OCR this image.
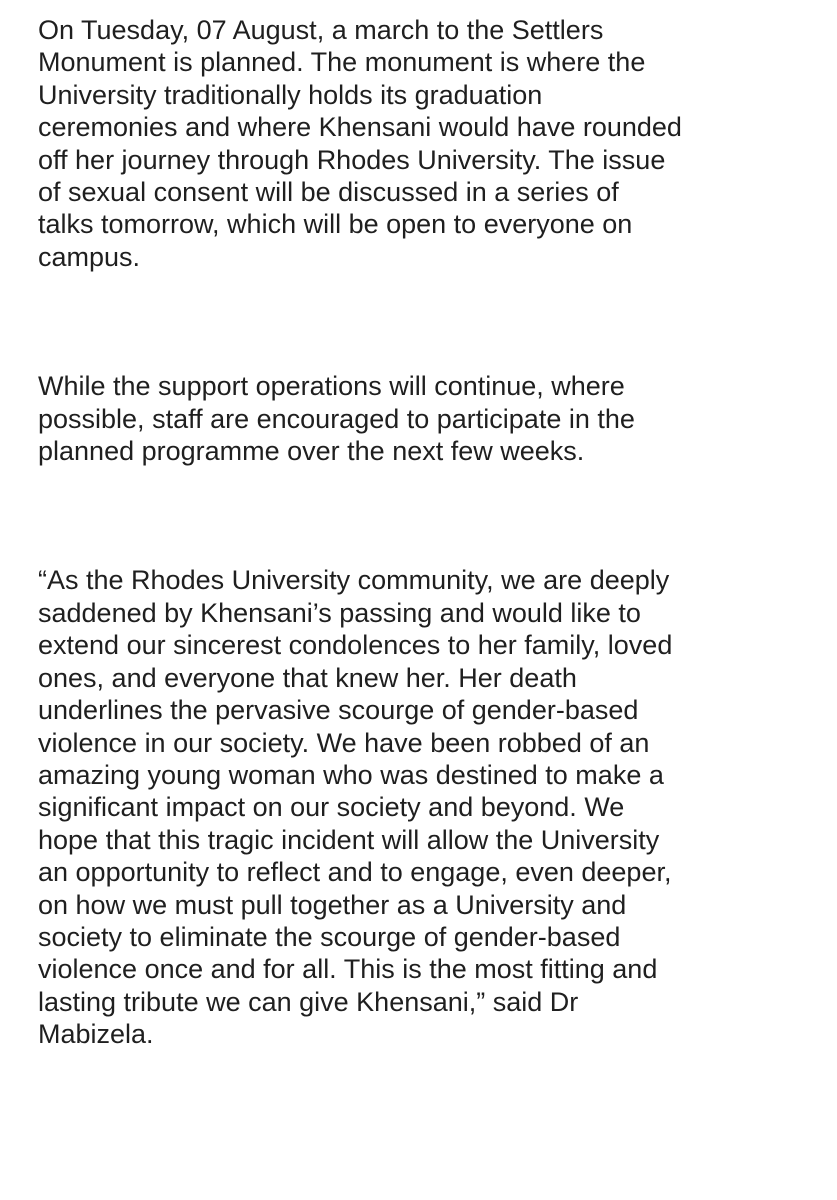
On Tuesday, 07 August, a march to the Settlers
Monument is planned. The monument is where the
University traditionally holds its graduation
ceremonies and where Khensani would have rounded
off her journey through Rhodes University. The issue
of sexual consent will be discussed in a series of
talks tomorrow, which will be open to everyone on
campus.

While the support operations will continue, where
possible, staff are encouraged to participate in the
planned programme over the next few weeks.

“As the Rhodes University community, we are deeply
saddened by Khensani’s passing and would like to
extend our sincerest condolences to her family, loved
ones, and everyone that knew her. Her death
underlines the pervasive scourge of gender-based
violence in our society. We have been robbed of an
amazing young woman who was destined to make a
significant impact on our society and beyond. We
hope that this tragic incident will allow the University
an opportunity to reflect and to engage, even deeper,
on how we must pull together as a University and
society to eliminate the scourge of gender-based
violence once and for all. This is the most fitting and
lasting tribute we can give Khensani,” said Dr
Mabizela.
